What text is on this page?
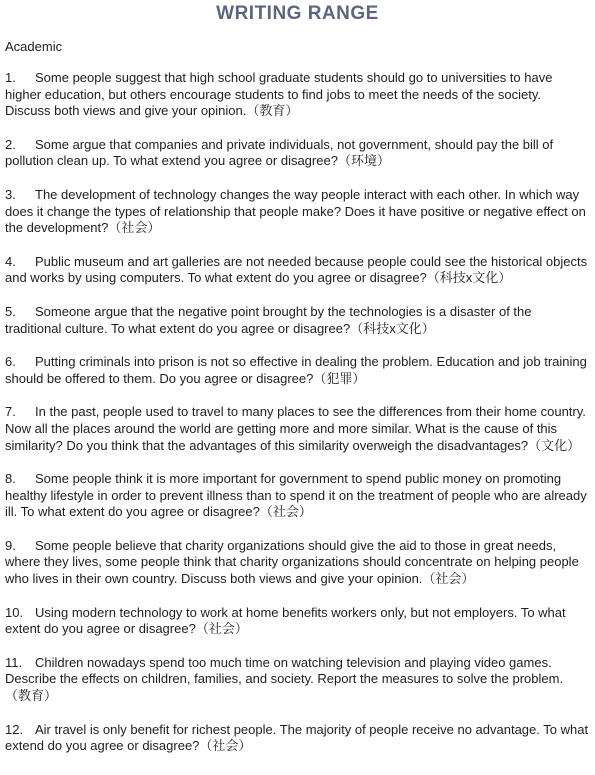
WRITING RANGE
Academic

1. Some people suggest that high school graduate students should go to universities to have higher education, but others encourage students to find jobs to meet the needs of the society. Discuss both views and give your opinion.（教育）

2. Some argue that companies and private individuals, not government, should pay the bill of pollution clean up. To what extend you agree or disagree?（环境）

3. The development of technology changes the way people interact with each other. In which way does it change the types of relationship that people make? Does it have positive or negative effect on the development?（社会）

4. Public museum and art galleries are not needed because people could see the historical objects and works by using computers. To what extent do you agree or disagree?（科技x文化）

5. Someone argue that the negative point brought by the technologies is a disaster of the traditional culture. To what extent do you agree or disagree?（科技x文化）

6. Putting criminals into prison is not so effective in dealing the problem. Education and job training should be offered to them. Do you agree or disagree?（犯罪）

7. In the past, people used to travel to many places to see the differences from their home country. Now all the places around the world are getting more and more similar. What is the cause of this similarity? Do you think that the advantages of this similarity overweigh the disadvantages?（文化）

8. Some people think it is more important for government to spend public money on promoting healthy lifestyle in order to prevent illness than to spend it on the treatment of people who are already ill. To what extent do you agree or disagree?（社会）

9. Some people believe that charity organizations should give the aid to those in great needs, where they lives, some people think that charity organizations should concentrate on helping people who lives in their own country. Discuss both views and give your opinion.（社会）

10. Using modern technology to work at home benefits workers only, but not employers. To what extent do you agree or disagree?（社会）

11. Children nowadays spend too much time on watching television and playing video games. Describe the effects on children, families, and society. Report the measures to solve the problem.（教育）

12. Air travel is only benefit for richest people. The majority of people receive no advantage. To what extend do you agree or disagree?（社会）
